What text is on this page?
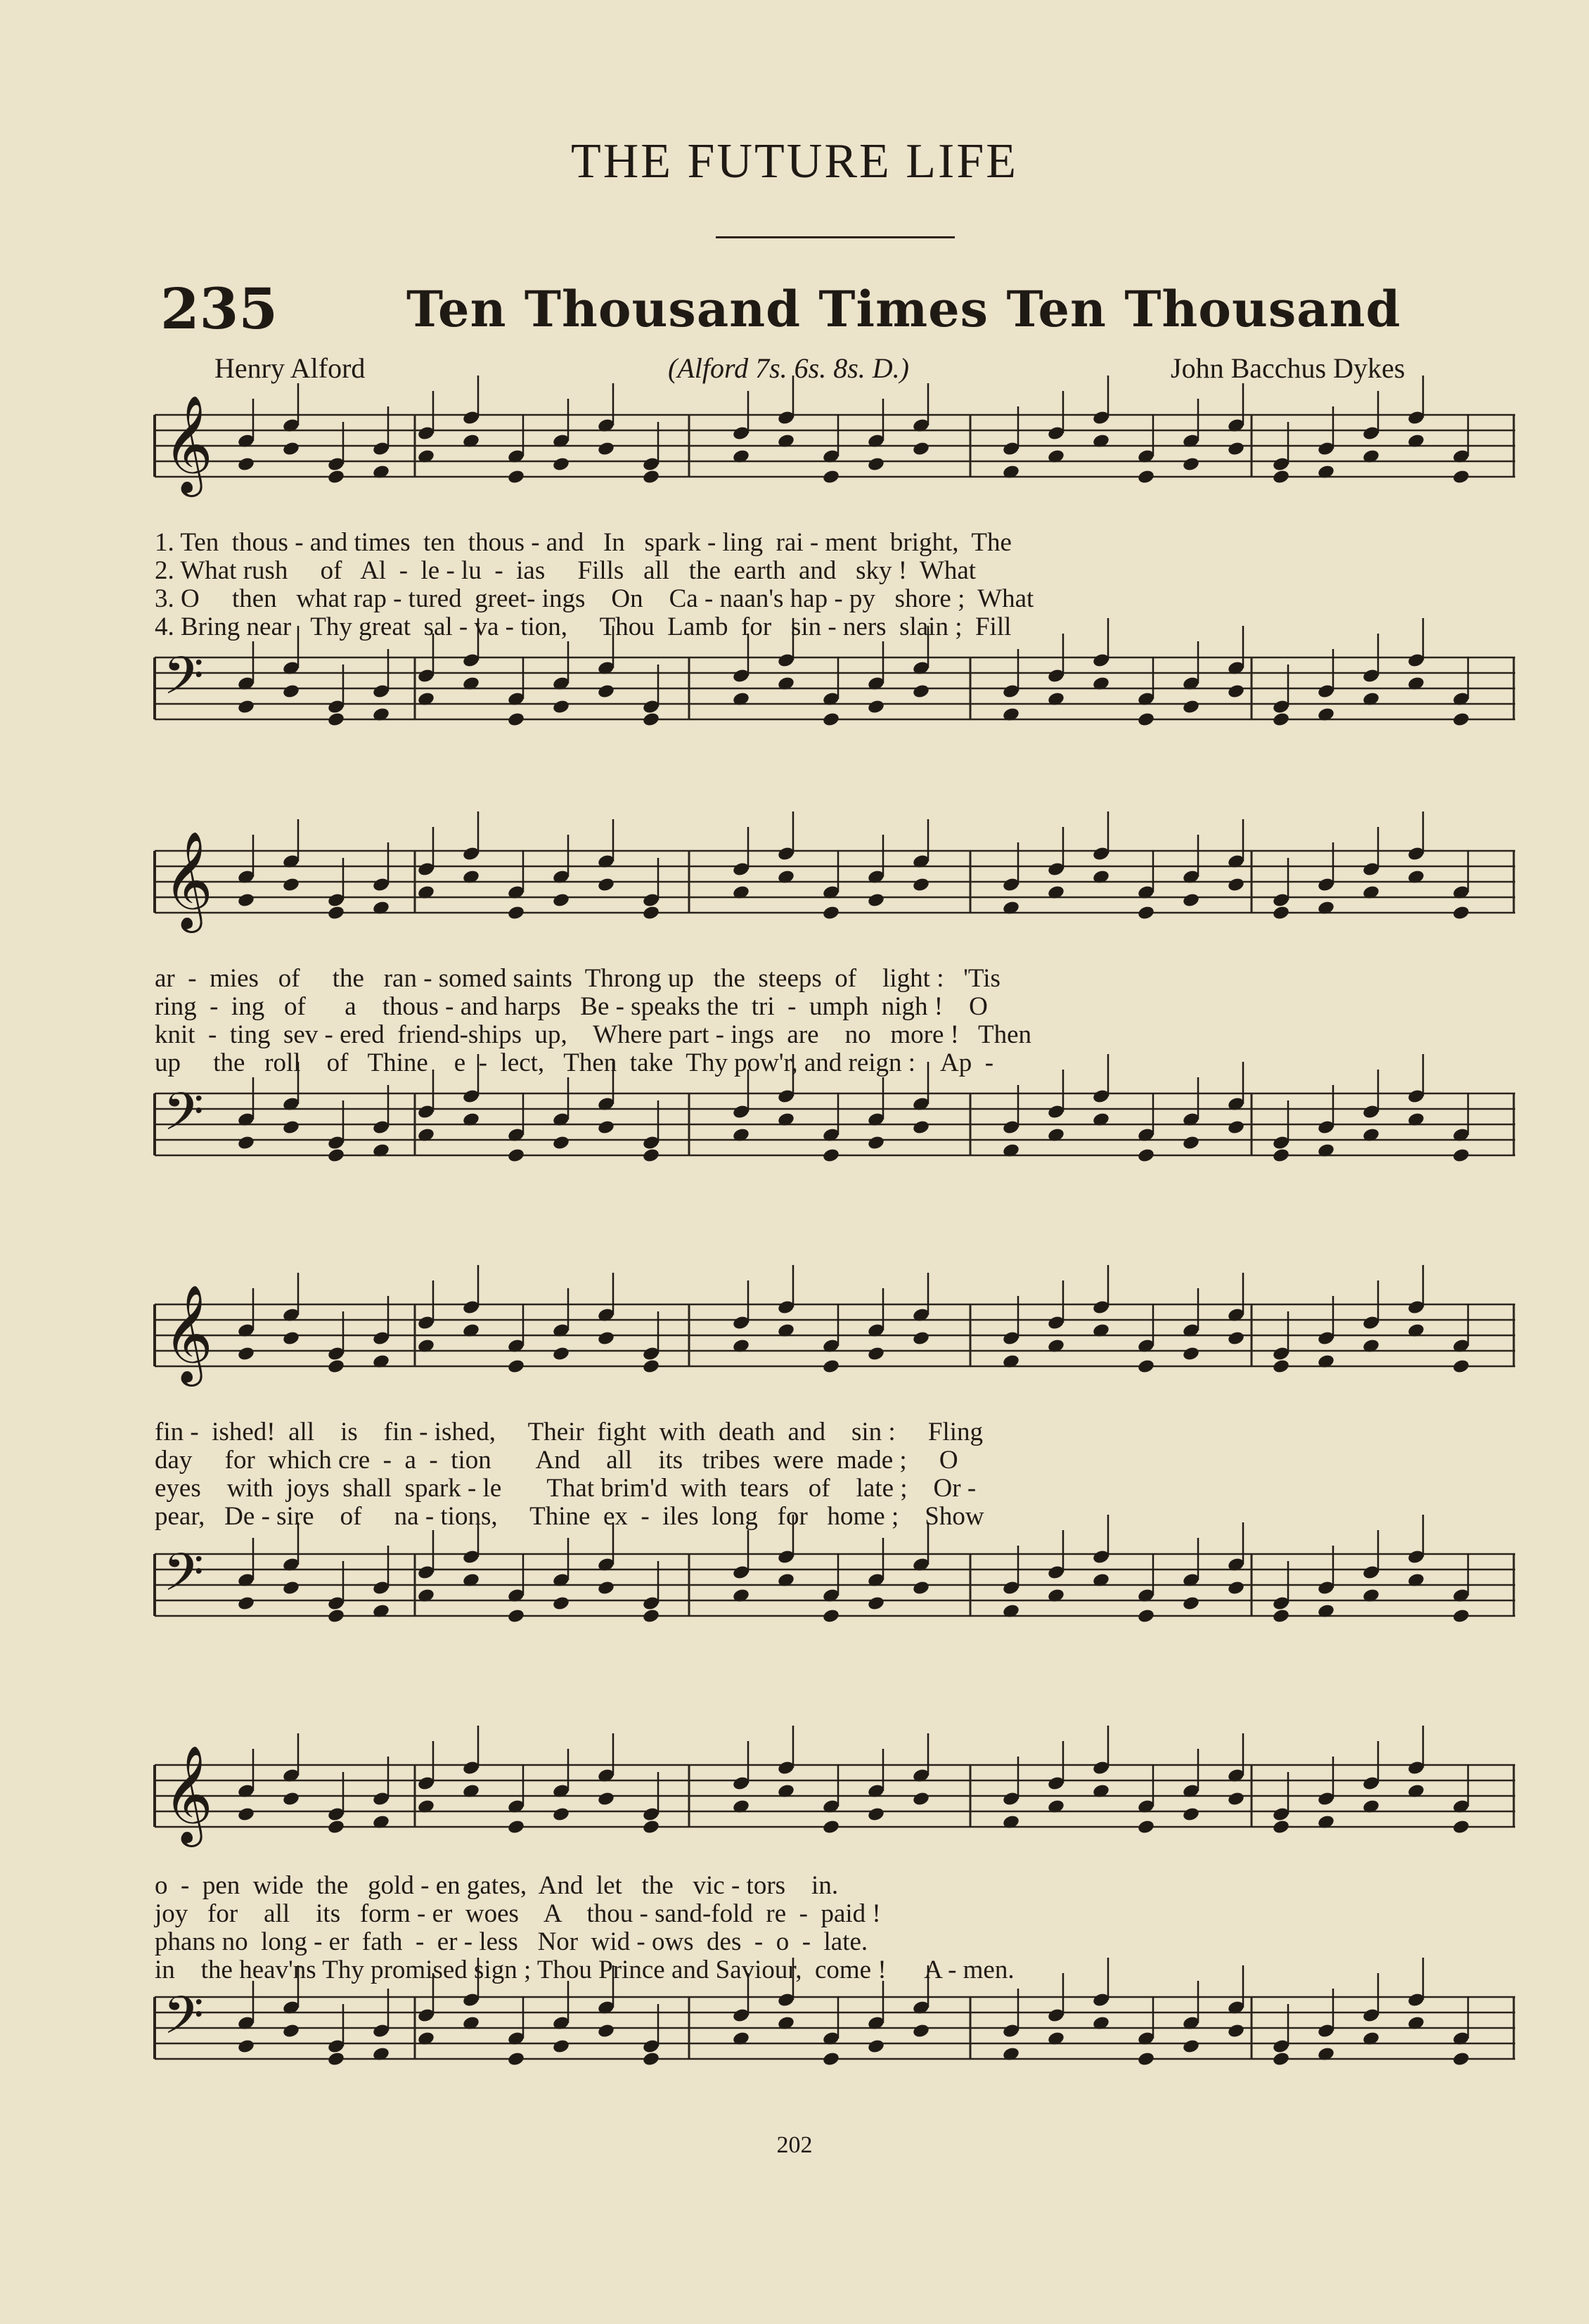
THE FUTURE LIFE
235	Ten Thousand Times Ten Thousand
Henry Alford	(Alford 7s. 6s. 8s. D.)	John Bacchus Dykes
𝄞
1. Ten  thous - and times  ten  thous - and   In   spark - ling  rai - ment  bright,  The
2. What rush     of   Al  -  le - lu  -  ias     Fills   all   the  earth  and   sky !  What
3. O     then   what rap - tured  greet- ings    On    Ca - naan's hap - py   shore ;  What
4. Bring near   Thy great  sal - va - tion,     Thou  Lamb  for   sin - ners  slain ;  Fill
𝄢
𝄞
ar  -  mies   of     the   ran - somed saints  Throng up   the  steeps  of    light :   'Tis
ring  -  ing   of      a    thous - and harps   Be - speaks the  tri  -  umph  nigh !    O
knit  -  ting  sev - ered  friend-ships  up,    Where part - ings  are    no   more !   Then
up     the   roll    of   Thine    e  -  lect,   Then  take  Thy pow'r, and reign :    Ap  -
𝄢
𝄞
fin -  ished!  all    is    fin - ished,     Their  fight  with  death  and    sin :     Fling
day     for  which cre  -  a  -  tion       And    all    its   tribes  were  made ;     O
eyes    with  joys  shall  spark - le       That brim'd  with  tears   of    late ;    Or -
pear,   De - sire    of     na - tions,     Thine  ex  -  iles  long   for   home ;    Show
𝄢
𝄞
o  -  pen  wide  the   gold - en gates,  And  let   the   vic - tors    in.
joy   for    all    its   form - er  woes    A    thou - sand-fold  re  -  paid !
phans no  long - er  fath  -  er - less   Nor  wid - ows  des  -  o  -  late.
in    the heav'ns Thy promised sign ; Thou Prince and Saviour,  come !      A - men.
𝄢
202
